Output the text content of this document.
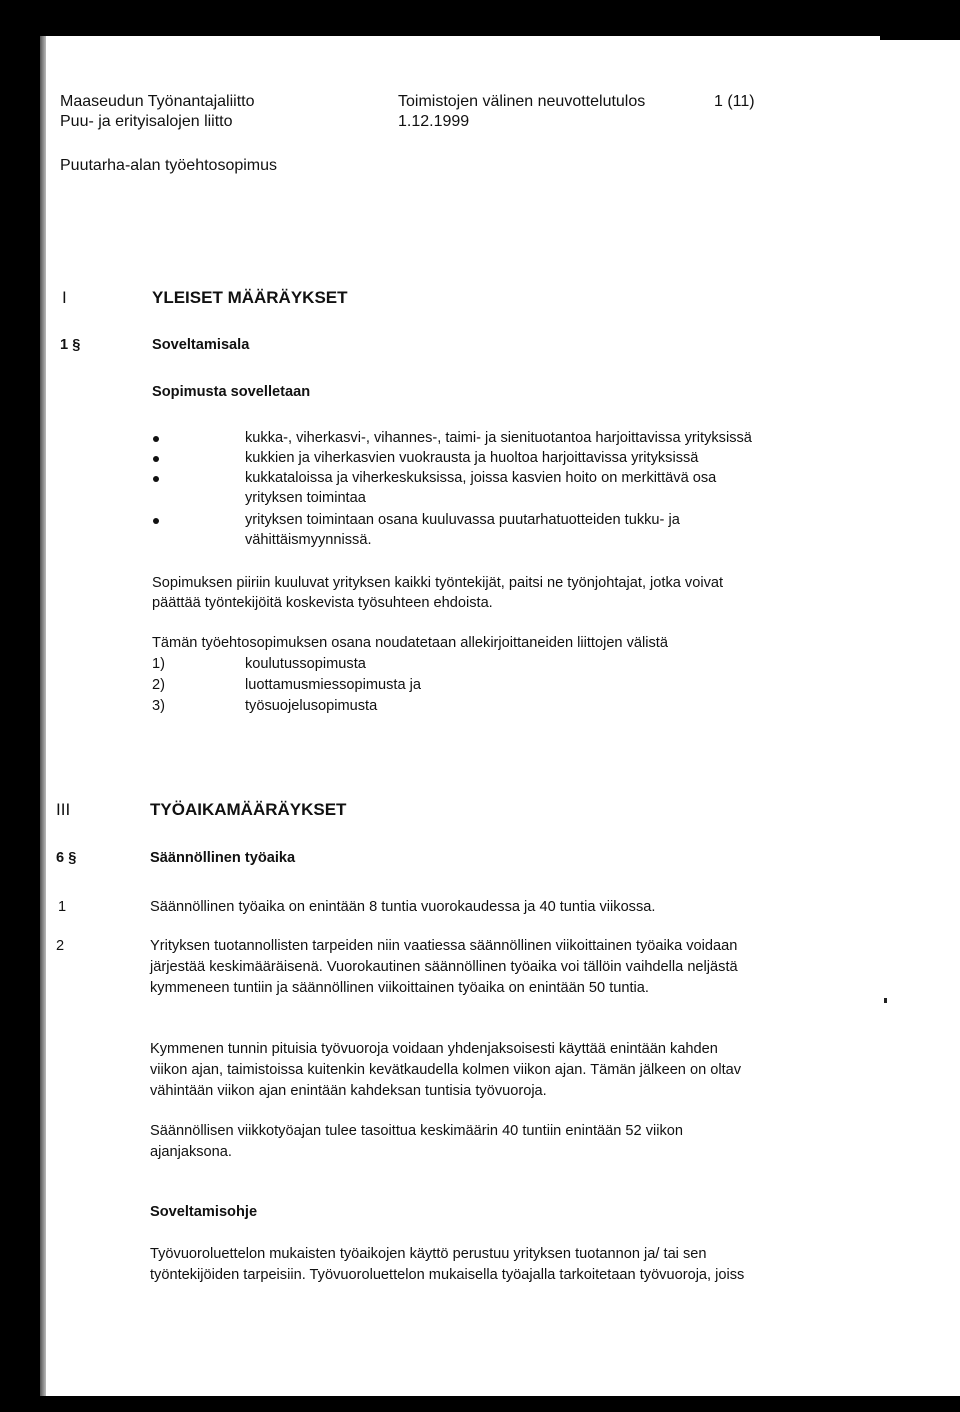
Maaseudun Työnantajaliitto
Puu- ja erityisalojen liitto
Toimistojen välinen neuvottelutulos
1.12.1999
1 (11)
Puutarha-alan työehtosopimus
I	YLEISET MÄÄRÄYKSET
1 §	Soveltamisala
Sopimusta sovelletaan
kukka-, viherkasvi-, vihannes-, taimi- ja sienituotantoa harjoittavissa yrityksissä
kukkien ja viherkasvien vuokrausta ja huoltoa harjoittavissa yrityksissä
kukkataloissa ja viherkeskuksissa, joissa kasvien hoito on merkittävä osa
yrityksen toimintaa
yrityksen toimintaan osana kuuluvassa puutarhatuotteiden tukku- ja
vähittäismyynnissä.
Sopimuksen piiriin kuuluvat yrityksen kaikki työntekijät, paitsi ne työnjohtajat, jotka voivat
päättää työntekijöitä koskevista työsuhteen ehdoista.
Tämän työehtosopimuksen osana noudatetaan allekirjoittaneiden liittojen välistä
1)	koulutussopimusta
2)	luottamusmiessopimusta ja
3)	työsuojelusopimusta
III	TYÖAIKAMÄÄRÄYKSET
6 §	Säännöllinen työaika
1	Säännöllinen työaika on enintään 8 tuntia vuorokaudessa ja 40 tuntia viikossa.
2	Yrityksen tuotannollisten tarpeiden niin vaatiessa säännöllinen viikoittainen työaika voidaan
järjestää keskimääräisenä. Vuorokautinen säännöllinen työaika voi tällöin vaihdella neljästä
kymmeneen tuntiin ja säännöllinen viikoittainen työaika on enintään 50 tuntia.
Kymmenen tunnin pituisia työvuoroja voidaan yhdenjaksoisesti käyttää enintään kahden
viikon ajan, taimistoissa kuitenkin kevätkaudella kolmen viikon ajan. Tämän jälkeen on oltav
vähintään viikon ajan enintään kahdeksan tuntisia työvuoroja.
Säännöllisen viikkotyöajan tulee tasoittua keskimäärin 40 tuntiin enintään 52 viikon
ajanjaksona.
Soveltamisohje
Työvuoroluettelon mukaisten työaikojen käyttö perustuu yrityksen tuotannon ja/ tai sen
työntekijöiden tarpeisiin. Työvuoroluettelon mukaisella työajalla tarkoitetaan työvuoroja, joiss
